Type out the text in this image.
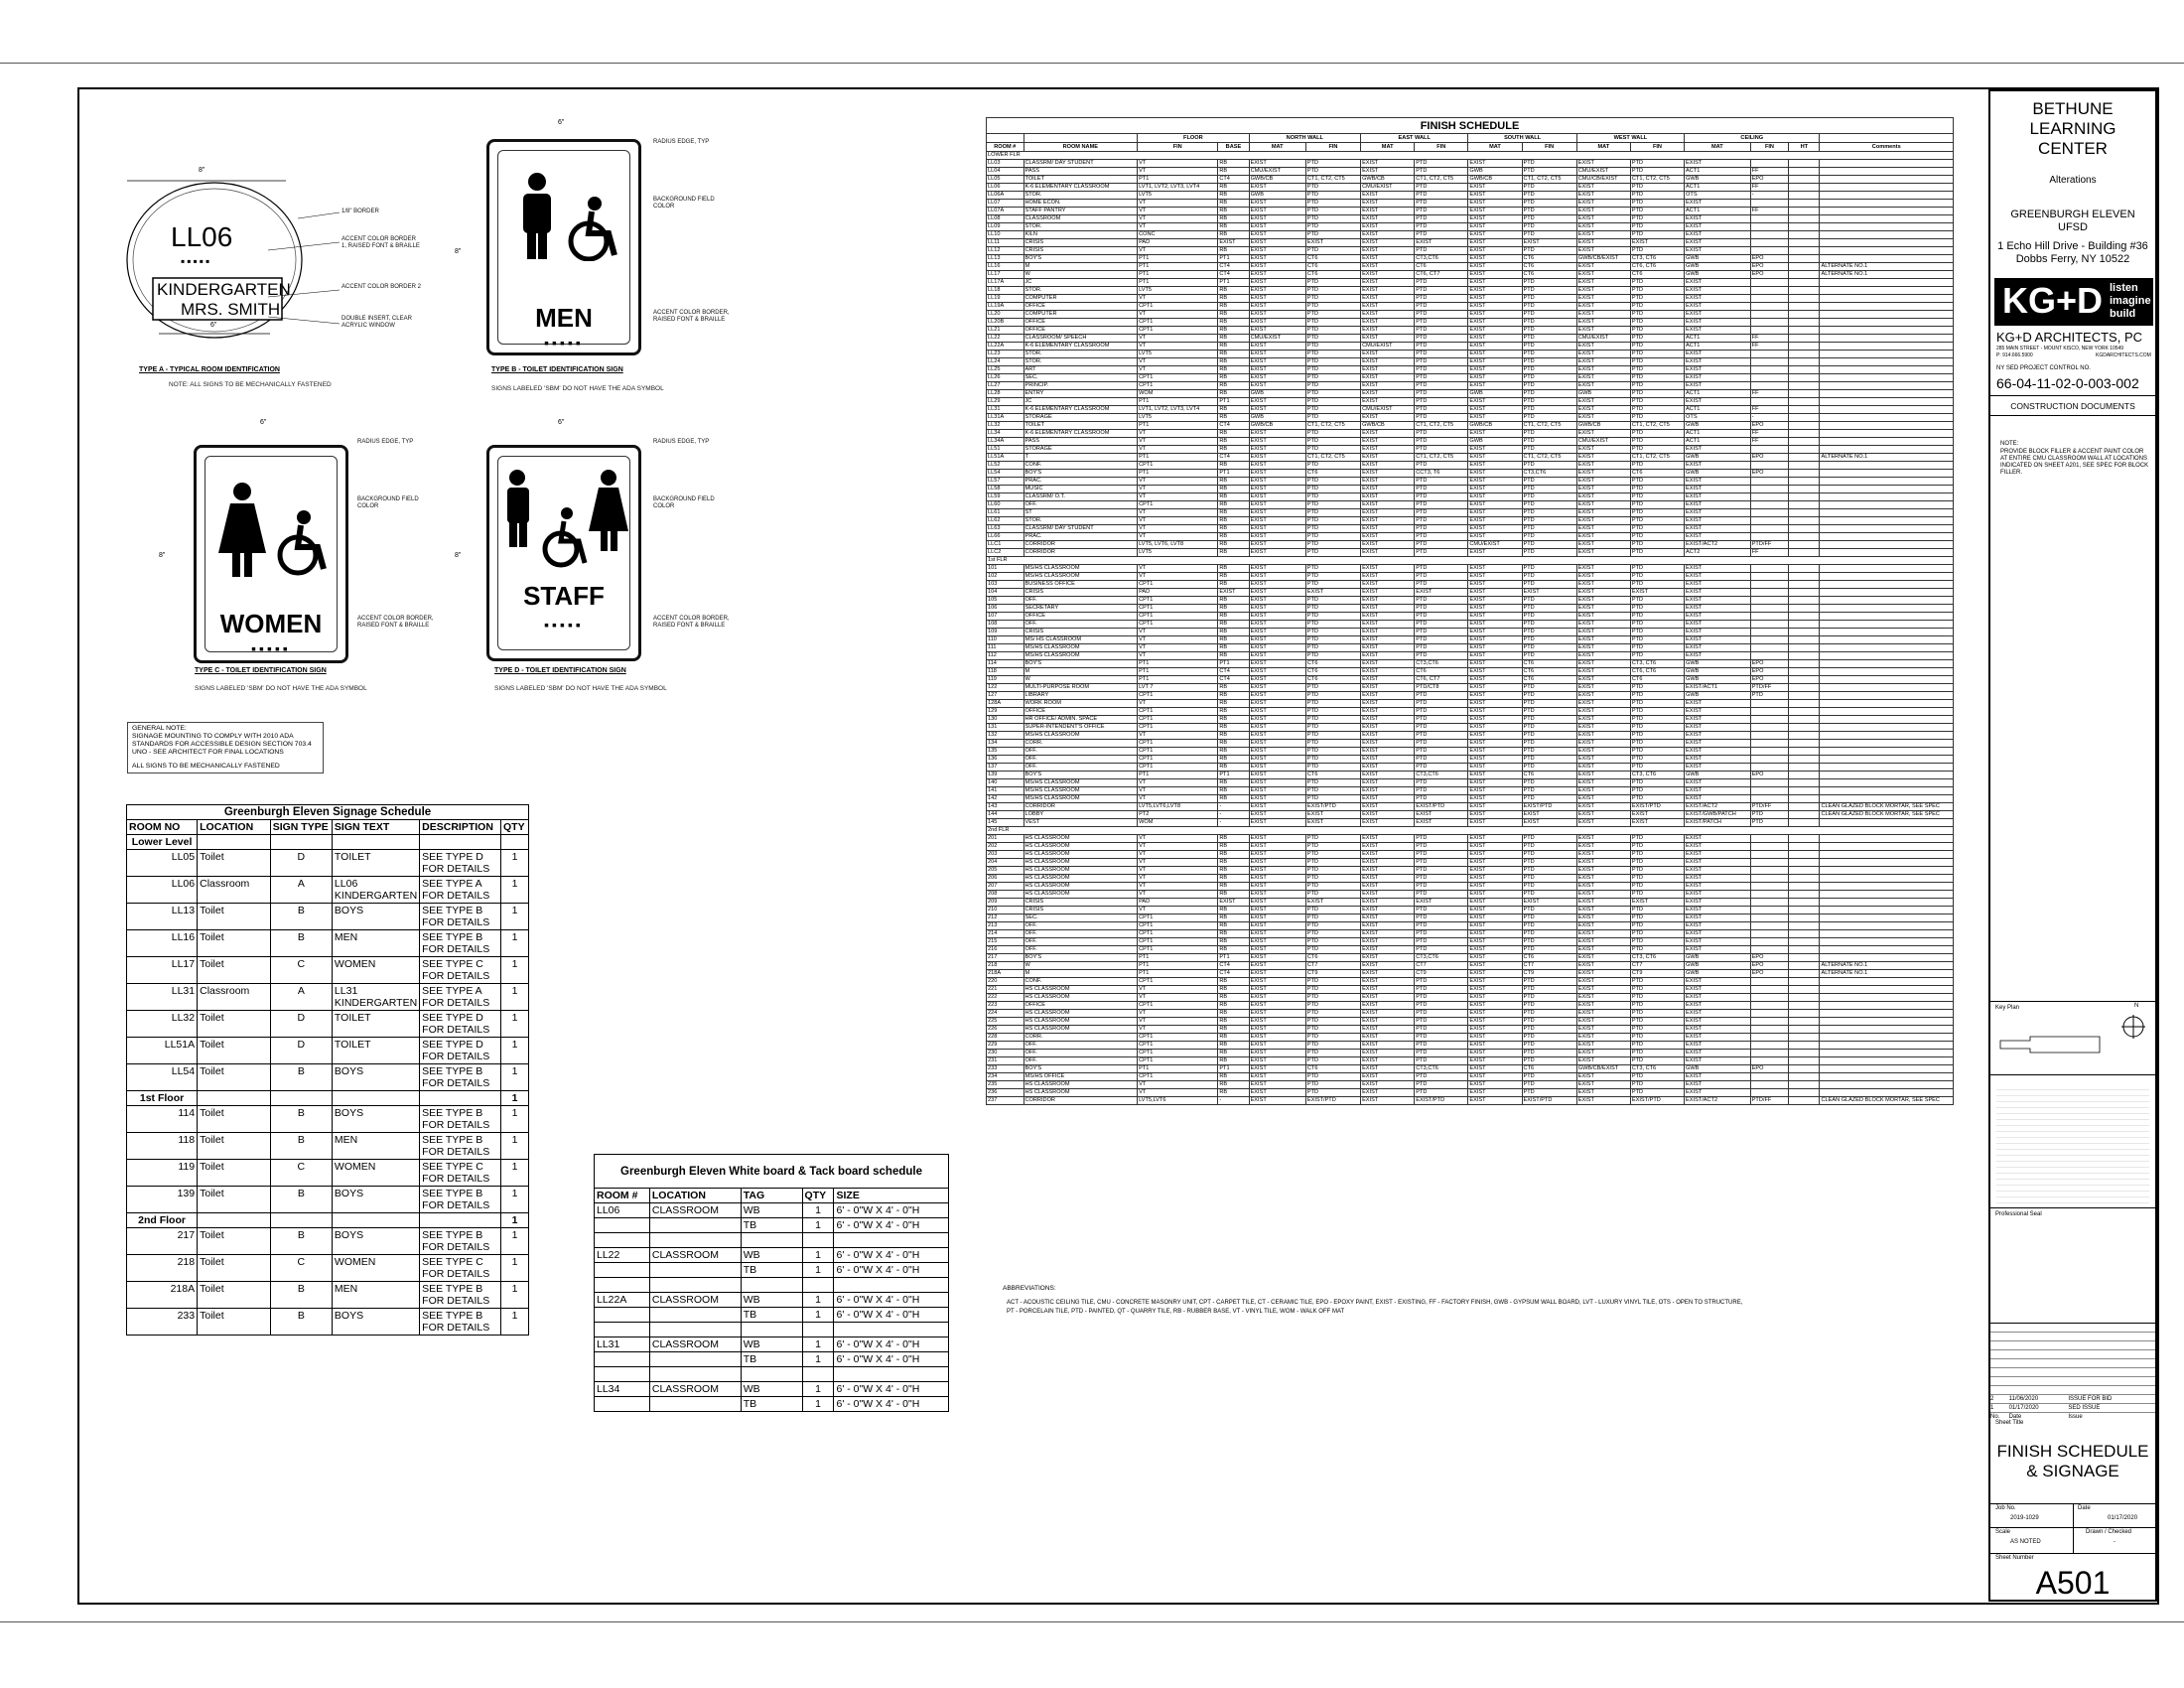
8"
LL06
▪▪▪▪▪
KINDERGARTEN
MRS. SMITH
6"
1/8" BORDER
ACCENT COLOR BORDER 1, RAISED FONT & BRAILLE
ACCENT COLOR BORDER 2
DOUBLE INSERT, CLEAR ACRYLIC WINDOW
TYPE A - TYPICAL ROOM IDENTIFICATION
NOTE: ALL SIGNS TO BE MECHANICALLY FASTENED
6"
8"
MEN
▪▪▪▪▪
RADIUS EDGE, TYP
BACKGROUND FIELD COLOR
ACCENT COLOR BORDER, RAISED FONT & BRAILLE
TYPE B - TOILET IDENTIFICATION SIGN
SIGNS LABELED 'SBM' DO NOT HAVE THE ADA SYMBOL
6"
8"
WOMEN
▪▪▪▪▪
RADIUS EDGE, TYP
BACKGROUND FIELD COLOR
ACCENT COLOR BORDER, RAISED FONT & BRAILLE
TYPE C - TOILET IDENTIFICATION SIGN
SIGNS LABELED 'SBM' DO NOT HAVE THE ADA SYMBOL
6"
8"
STAFF
▪▪▪▪▪
RADIUS EDGE, TYP
BACKGROUND FIELD COLOR
ACCENT COLOR BORDER, RAISED FONT & BRAILLE
TYPE D - TOILET IDENTIFICATION SIGN
SIGNS LABELED 'SBM' DO NOT HAVE THE ADA SYMBOL
GENERAL NOTE:
SIGNAGE MOUNTING TO COMPLY WITH 2010 ADA
STANDARDS FOR ACCESSIBLE DESIGN SECTION 703.4
UNO - SEE ARCHITECT FOR FINAL LOCATIONS
ALL SIGNS TO BE MECHANICALLY FASTENED
Greenburgh Eleven Signage Schedule					
ROOM NO	LOCATION	SIGN TYPE	SIGN TEXT	DESCRIPTION	QTY
Lower Level					
LL05	Toilet	D	TOILET	SEE TYPE D FOR DETAILS	1
LL06	Classroom	A	LL06 KINDERGARTEN	SEE TYPE A FOR DETAILS	1
LL13	Toilet	B	BOYS	SEE TYPE B FOR DETAILS	1
LL16	Toilet	B	MEN	SEE TYPE B FOR DETAILS	1
LL17	Toilet	C	WOMEN	SEE TYPE C FOR DETAILS	1
LL31	Classroom	A	LL31 KINDERGARTEN	SEE TYPE A FOR DETAILS	1
LL32	Toilet	D	TOILET	SEE TYPE D FOR DETAILS	1
LL51A	Toilet	D	TOILET	SEE TYPE D FOR DETAILS	1
LL54	Toilet	B	BOYS	SEE TYPE B FOR DETAILS	1
1st Floor					1
114	Toilet	B	BOYS	SEE TYPE B FOR DETAILS	1
118	Toilet	B	MEN	SEE TYPE B FOR DETAILS	1
119	Toilet	C	WOMEN	SEE TYPE C FOR DETAILS	1
139	Toilet	B	BOYS	SEE TYPE B FOR DETAILS	1
2nd Floor					1
217	Toilet	B	BOYS	SEE TYPE B FOR DETAILS	1
218	Toilet	C	WOMEN	SEE TYPE C FOR DETAILS	1
218A	Toilet	B	MEN	SEE TYPE B FOR DETAILS	1
233	Toilet	B	BOYS	SEE TYPE B FOR DETAILS	1
Greenburgh Eleven White board & Tack board schedule				
ROOM #	LOCATION	TAG	QTY	SIZE
LL06	CLASSROOM	WB	1	6' - 0"W X 4' - 0"H
		TB	1	6' - 0"W X 4' - 0"H

LL22	CLASSROOM	WB	1	6' - 0"W X 4' - 0"H
		TB	1	6' - 0"W X 4' - 0"H

LL22A	CLASSROOM	WB	1	6' - 0"W X 4' - 0"H
		TB	1	6' - 0"W X 4' - 0"H

LL31	CLASSROOM	WB	1	6' - 0"W X 4' - 0"H
		TB	1	6' - 0"W X 4' - 0"H

LL34	CLASSROOM	WB	1	6' - 0"W X 4' - 0"H
		TB	1	6' - 0"W X 4' - 0"H
FINISH SCHEDULE															
		FLOOR		NORTH WALL		EAST WALL		SOUTH WALL		WEST WALL		CEILING			
ROOM #	ROOM NAME	FIN	BASE	MAT	FIN	MAT	FIN	MAT	FIN	MAT	FIN	MAT	FIN	HT	Comments
LOWER FLR															
LL03	CLASSRM/ DAY STUDENT	VT	RB	EXIST	PTD	EXIST	PTD	EXIST	PTD	EXIST	PTD	EXIST			
LL04	PASS	VT	RB	CMU/EXIST	PTD	EXIST	PTD	GWB	PTD	CMU/EXIST	PTD	ACT1	FF		
LL05	TOILET	PT1	CT4	GWB/CB	CT1, CT2, CT5	GWB/CB	CT1, CT2, CT5	GWB/CB	CT1, CT2, CT5	CMU/CB/EXIST	CT1, CT2, CT5	GWB	EPO		
LL06	K-6 ELEMENTARY CLASSROOM	LVT1, LVT2, LVT3, LVT4	RB	EXIST	PTD	CMU/EXIST	PTD	EXIST	PTD	EXIST	PTD	ACT1	FF		
LL06A	STOR.	LVT5	RB	GWB	PTD	EXIST	PTD	EXIST	PTD	EXIST	PTD	OTS	-		
LL07	HOME ECON.	VT	RB	EXIST	PTD	EXIST	PTD	EXIST	PTD	EXIST	PTD	EXIST			
LL07A	STAFF PANTRY	VT	RB	EXIST	PTD	EXIST	PTD	EXIST	PTD	EXIST	PTD	ACT1	FF		
LL08	CLASSROOM	VT	RB	EXIST	PTD	EXIST	PTD	EXIST	PTD	EXIST	PTD	EXIST			
LL09	STOR.	VT	RB	EXIST	PTD	EXIST	PTD	EXIST	PTD	EXIST	PTD	EXIST			
LL10	KILN	CONC	RB	EXIST	PTD	EXIST	PTD	EXIST	PTD	EXIST	PTD	EXIST			
LL11	CRISIS	PAD	EXIST	EXIST	EXIST	EXIST	EXIST	EXIST	EXIST	EXIST	EXIST	EXIST			
LL12	CRISIS	VT	RB	EXIST	PTD	EXIST	PTD	EXIST	PTD	EXIST	PTD	EXIST			
LL13	BOY'S	PT1	PT1	EXIST	CT6	EXIST	CT3,CT6	EXIST	CT6	GWB/CB/EXIST	CT3, CT6	GWB	EPO		
LL16	M	PT1	CT4	EXIST	CT6	EXIST	CT6	EXIST	CT6	EXIST	CT6, CT6	GWB	EPO		ALTERNATE NO.1
LL17	W	PT1	CT4	EXIST	CT6	EXIST	CT6, CT7	EXIST	CT6	EXIST	CT6	GWB	EPO		ALTERNATE NO.1
LL17A	JC	PT1	PT1	EXIST	PTD	EXIST	PTD	EXIST	PTD	EXIST	PTD	EXIST			
LL18	STOR.	LVT5	RB	EXIST	PTD	EXIST	PTD	EXIST	PTD	EXIST	PTD	EXIST			
LL19	COMPUTER	VT	RB	EXIST	PTD	EXIST	PTD	EXIST	PTD	EXIST	PTD	EXIST			
LL19A	OFFICE	CPT1	RB	EXIST	PTD	EXIST	PTD	EXIST	PTD	EXIST	PTD	EXIST			
LL20	COMPUTER	VT	RB	EXIST	PTD	EXIST	PTD	EXIST	PTD	EXIST	PTD	EXIST			
LL20B	OFFICE	CPT1	RB	EXIST	PTD	EXIST	PTD	EXIST	PTD	EXIST	PTD	EXIST			
LL21	OFFICE	CPT1	RB	EXIST	PTD	EXIST	PTD	EXIST	PTD	EXIST	PTD	EXIST			
LL22	CLASSROOM/ SPEECH	VT	RB	CMU/EXIST	PTD	EXIST	PTD	EXIST	PTD	CMU/EXIST	PTD	ACT1	FF		
LL22A	K-6 ELEMENTARY CLASSROOM	VT	RB	EXIST	PTD	CMU/EXIST	PTD	EXIST	PTD	EXIST	PTD	ACT1	FF		
LL23	STOR.	LVT5	RB	EXIST	PTD	EXIST	PTD	EXIST	PTD	EXIST	PTD	EXIST			
LL24	STOR.	VT	RB	EXIST	PTD	EXIST	PTD	EXIST	PTD	EXIST	PTD	EXIST			
LL25	ART	VT	RB	EXIST	PTD	EXIST	PTD	EXIST	PTD	EXIST	PTD	EXIST			
LL26	SEC.	CPT1	RB	EXIST	PTD	EXIST	PTD	EXIST	PTD	EXIST	PTD	EXIST			
LL27	PRINCIP.	CPT1	RB	EXIST	PTD	EXIST	PTD	EXIST	PTD	EXIST	PTD	EXIST			
LL28	ENTRY	WOM	RB	GWB	PTD	EXIST	PTD	GWB	PTD	GWB	PTD	ACT1	FF		
LL29	JC	PT1	PT1	EXIST	PTD	EXIST	PTD	EXIST	PTD	EXIST	PTD	EXIST			
LL31	K-6 ELEMENTARY CLASSROOM	LVT1, LVT2, LVT3, LVT4	RB	EXIST	PTD	CMU/EXIST	PTD	EXIST	PTD	EXIST	PTD	ACT1	FF		
LL31A	STORAGE	LVT5	RB	GWB	PTD	EXIST	PTD	EXIST	PTD	EXIST	PTD	OTS	-		
LL32	TOILET	PT1	CT4	GWB/CB	CT1, CT2, CT5	GWB/CB	CT1, CT2, CT5	GWB/CB	CT1, CT2, CT5	GWB/CB	CT1, CT2, CT5	GWB	EPO		
LL34	K-6 ELEMENTARY CLASSROOM	VT	RB	EXIST	PTD	EXIST	PTD	EXIST	PTD	EXIST	PTD	ACT1	FF		
LL34A	PASS	VT	RB	EXIST	PTD	EXIST	PTD	GWB	PTD	CMU/EXIST	PTD	ACT1	FF		
LL51	STORAGE	VT	RB	EXIST	PTD	EXIST	PTD	EXIST	PTD	EXIST	PTD	EXIST			
LL51A	T	PT1	CT4	EXIST	CT1, CT2, CT5	EXIST	CT1, CT2, CT5	EXIST	CT1, CT2, CT5	EXIST	CT1, CT2, CT5	GWB	EPO		ALTERNATE NO.1
LL52	CONF.	CPT1	RB	EXIST	PTD	EXIST	PTD	EXIST	PTD	EXIST	PTD	EXIST			
LL54	BOY'S	PT1	PT1	EXIST	CT6	EXIST	CCT3, T6	EXIST	CT3,CT6	EXIST	CT6	GWB	EPO		
LL57	PRAC.	VT	RB	EXIST	PTD	EXIST	PTD	EXIST	PTD	EXIST	PTD	EXIST			
LL58	MUSIC	VT	RB	EXIST	PTD	EXIST	PTD	EXIST	PTD	EXIST	PTD	EXIST			
LL59	CLASSRM/ O.T.	VT	RB	EXIST	PTD	EXIST	PTD	EXIST	PTD	EXIST	PTD	EXIST			
LL60	OFF.	CPT1	RB	EXIST	PTD	EXIST	PTD	EXIST	PTD	EXIST	PTD	EXIST			
LL61	ST	VT	RB	EXIST	PTD	EXIST	PTD	EXIST	PTD	EXIST	PTD	EXIST			
LL62	STOR.	VT	RB	EXIST	PTD	EXIST	PTD	EXIST	PTD	EXIST	PTD	EXIST			
LL63	CLASSRM/ DAY STUDENT	VT	RB	EXIST	PTD	EXIST	PTD	EXIST	PTD	EXIST	PTD	EXIST			
LL66	PRAC.	VT	RB	EXIST	PTD	EXIST	PTD	EXIST	PTD	EXIST	PTD	EXIST			
LLC1	CORRIDOR	LVT5, LVT6, LVT8	RB	EXIST	PTD	EXIST	PTD	CMU/EXIST	PTD	EXIST	PTD	EXIST/ACT2	PTD/FF		
LLC2	CORRIDOR	LVT5	RB	EXIST	PTD	EXIST	PTD	EXIST	PTD	EXIST	PTD	ACT2	FF		
1st FLR															
101	MS/HS CLASSROOM	VT	RB	EXIST	PTD	EXIST	PTD	EXIST	PTD	EXIST	PTD	EXIST			
102	MS/HS CLASSROOM	VT	RB	EXIST	PTD	EXIST	PTD	EXIST	PTD	EXIST	PTD	EXIST			
103	BUSINESS OFFICE	CPT1	RB	EXIST	PTD	EXIST	PTD	EXIST	PTD	EXIST	PTD	EXIST			
104	CRISIS	PAD	EXIST	EXIST	EXIST	EXIST	EXIST	EXIST	EXIST	EXIST	EXIST	EXIST			
105	OFF.	CPT1	RB	EXIST	PTD	EXIST	PTD	EXIST	PTD	EXIST	PTD	EXIST			
106	SECRETARY	CPT1	RB	EXIST	PTD	EXIST	PTD	EXIST	PTD	EXIST	PTD	EXIST			
107	OFFICE	CPT1	RB	EXIST	PTD	EXIST	PTD	EXIST	PTD	EXIST	PTD	EXIST			
108	OFF.	CPT1	RB	EXIST	PTD	EXIST	PTD	EXIST	PTD	EXIST	PTD	EXIST			
109	CRISIS	VT	RB	EXIST	PTD	EXIST	PTD	EXIST	PTD	EXIST	PTD	EXIST			
110	MS/ HS CLASSROOM	VT	RB	EXIST	PTD	EXIST	PTD	EXIST	PTD	EXIST	PTD	EXIST			
111	MS/HS CLASSROOM	VT	RB	EXIST	PTD	EXIST	PTD	EXIST	PTD	EXIST	PTD	EXIST			
112	MS/HS CLASSROOM	VT	RB	EXIST	PTD	EXIST	PTD	EXIST	PTD	EXIST	PTD	EXIST			
114	BOY'S	PT1	PT1	EXIST	CT6	EXIST	CT3,CT6	EXIST	CT6	EXIST	CT3, CT6	GWB	EPO		
118	M	PT1	CT4	EXIST	CT6	EXIST	CT6	EXIST	CT6	EXIST	CT6, CT6	GWB	EPO		
119	W	PT1	CT4	EXIST	CT6	EXIST	CT6, CT7	EXIST	CT6	EXIST	CT6	GWB	EPO		
122	MULTI-PURPOSE ROOM	LVT 7	RB	EXIST	PTD	EXIST	PTD/CT8	EXIST	PTD	EXIST	PTD	EXIST/ACT1	PTD/FF		
127	LIBRARY	CPT1	RB	EXIST	PTD	EXIST	PTD	EXIST	PTD	EXIST	PTD	GWB	PTD		
128A	WORK ROOM	VT	RB	EXIST	PTD	EXIST	PTD	EXIST	PTD	EXIST	PTD	EXIST			
129	OFFICE	CPT1	RB	EXIST	PTD	EXIST	PTD	EXIST	PTD	EXIST	PTD	EXIST			
130	HR OFFICE/ ADMIN. SPACE	CPT1	RB	EXIST	PTD	EXIST	PTD	EXIST	PTD	EXIST	PTD	EXIST			
131	SUPER-INTENDENT'S OFFICE	CPT1	RB	EXIST	PTD	EXIST	PTD	EXIST	PTD	EXIST	PTD	EXIST			
132	MS/HS CLASSROOM	VT	RB	EXIST	PTD	EXIST	PTD	EXIST	PTD	EXIST	PTD	EXIST			
134	CORR.	CPT1	RB	EXIST	PTD	EXIST	PTD	EXIST	PTD	EXIST	PTD	EXIST			
135	OFF.	CPT1	RB	EXIST	PTD	EXIST	PTD	EXIST	PTD	EXIST	PTD	EXIST			
136	OFF.	CPT1	RB	EXIST	PTD	EXIST	PTD	EXIST	PTD	EXIST	PTD	EXIST			
137	OFF.	CPT1	RB	EXIST	PTD	EXIST	PTD	EXIST	PTD	EXIST	PTD	EXIST			
139	BOY'S	PT1	PT1	EXIST	CT6	EXIST	CT3,CT6	EXIST	CT6	EXIST	CT3, CT6	GWB	EPO		
140	MS/HS CLASSROOM	VT	RB	EXIST	PTD	EXIST	PTD	EXIST	PTD	EXIST	PTD	EXIST			
141	MS/HS CLASSROOM	VT	RB	EXIST	PTD	EXIST	PTD	EXIST	PTD	EXIST	PTD	EXIST			
142	MS/HS CLASSROOM	VT	RB	EXIST	PTD	EXIST	PTD	EXIST	PTD	EXIST	PTD	EXIST			
143	CORRIDOR	LVT5,LVT6,LVT8	-	EXIST	EXIST/PTD	EXIST	EXIST/PTD	EXIST	EXIST/PTD	EXIST	EXIST/PTD	EXIST/ACT2	PTD/FF		CLEAN GLAZED BLOCK MORTAR, SEE SPEC
144	LOBBY	PT2	-	EXIST	EXIST	EXIST	EXIST	EXIST	EXIST	EXIST	EXIST	EXIST/GWB/PATCH	PTD		CLEAN GLAZED BLOCK MORTAR, SEE SPEC
145	VEST	WOM	-	EXIST	EXIST	EXIST	EXIST	EXIST	EXIST	EXIST	EXIST	EXIST/PATCH	PTD		
2nd FLR															
201	HS CLASSROOM	VT	RB	EXIST	PTD	EXIST	PTD	EXIST	PTD	EXIST	PTD	EXIST			
202	HS CLASSROOM	VT	RB	EXIST	PTD	EXIST	PTD	EXIST	PTD	EXIST	PTD	EXIST			
203	HS CLASSROOM	VT	RB	EXIST	PTD	EXIST	PTD	EXIST	PTD	EXIST	PTD	EXIST			
204	HS CLASSROOM	VT	RB	EXIST	PTD	EXIST	PTD	EXIST	PTD	EXIST	PTD	EXIST			
205	HS CLASSROOM	VT	RB	EXIST	PTD	EXIST	PTD	EXIST	PTD	EXIST	PTD	EXIST			
206	HS CLASSROOM	VT	RB	EXIST	PTD	EXIST	PTD	EXIST	PTD	EXIST	PTD	EXIST			
207	HS CLASSROOM	VT	RB	EXIST	PTD	EXIST	PTD	EXIST	PTD	EXIST	PTD	EXIST			
208	HS CLASSROOM	VT	RB	EXIST	PTD	EXIST	PTD	EXIST	PTD	EXIST	PTD	EXIST			
209	CRISIS	PAD	EXIST	EXIST	EXIST	EXIST	EXIST	EXIST	EXIST	EXIST	EXIST	EXIST			
210	CRISIS	VT	RB	EXIST	PTD	EXIST	PTD	EXIST	PTD	EXIST	PTD	EXIST			
212	SEC.	CPT1	RB	EXIST	PTD	EXIST	PTD	EXIST	PTD	EXIST	PTD	EXIST			
213	OFF.	CPT1	RB	EXIST	PTD	EXIST	PTD	EXIST	PTD	EXIST	PTD	EXIST			
214	OFF.	CPT1	RB	EXIST	PTD	EXIST	PTD	EXIST	PTD	EXIST	PTD	EXIST			
215	OFF.	CPT1	RB	EXIST	PTD	EXIST	PTD	EXIST	PTD	EXIST	PTD	EXIST			
216	OFF.	CPT1	RB	EXIST	PTD	EXIST	PTD	EXIST	PTD	EXIST	PTD	EXIST			
217	BOY'S	PT1	PT1	EXIST	CT6	EXIST	CT3,CT6	EXIST	CT6	EXIST	CT3, CT6	GWB	EPO		
218	W	PT1	CT4	EXIST	CT7	EXIST	CT7	EXIST	CT7	EXIST	CT7	GWB	EPO		ALTERNATE NO.1
218A	M	PT1	CT4	EXIST	CT9	EXIST	CT9	EXIST	CT9	EXIST	CT9	GWB	EPO		ALTERNATE NO.1
220	CONF.	CPT1	RB	EXIST	PTD	EXIST	PTD	EXIST	PTD	EXIST	PTD	EXIST			
221	HS CLASSROOM	VT	RB	EXIST	PTD	EXIST	PTD	EXIST	PTD	EXIST	PTD	EXIST			
222	HS CLASSROOM	VT	RB	EXIST	PTD	EXIST	PTD	EXIST	PTD	EXIST	PTD	EXIST			
223	OFFICE	CPT1	RB	EXIST	PTD	EXIST	PTD	EXIST	PTD	EXIST	PTD	EXIST			
224	HS CLASSROOM	VT	RB	EXIST	PTD	EXIST	PTD	EXIST	PTD	EXIST	PTD	EXIST			
225	HS CLASSROOM	VT	RB	EXIST	PTD	EXIST	PTD	EXIST	PTD	EXIST	PTD	EXIST			
226	HS CLASSROOM	VT	RB	EXIST	PTD	EXIST	PTD	EXIST	PTD	EXIST	PTD	EXIST			
228	CORR.	CPT1	RB	EXIST	PTD	EXIST	PTD	EXIST	PTD	EXIST	PTD	EXIST			
229	OFF.	CPT1	RB	EXIST	PTD	EXIST	PTD	EXIST	PTD	EXIST	PTD	EXIST			
230	OFF.	CPT1	RB	EXIST	PTD	EXIST	PTD	EXIST	PTD	EXIST	PTD	EXIST			
231	OFF.	CPT1	RB	EXIST	PTD	EXIST	PTD	EXIST	PTD	EXIST	PTD	EXIST			
233	BOY'S	PT1	PT1	EXIST	CT6	EXIST	CT3,CT6	EXIST	CT6	GWB/CB/EXIST	CT3, CT6	GWB	EPO		
234	MS/HS OFFICE	CPT1	RB	EXIST	PTD	EXIST	PTD	EXIST	PTD	EXIST	PTD	EXIST			
235	HS CLASSROOM	VT	RB	EXIST	PTD	EXIST	PTD	EXIST	PTD	EXIST	PTD	EXIST			
236	HS CLASSROOM	VT	RB	EXIST	PTD	EXIST	PTD	EXIST	PTD	EXIST	PTD	EXIST			
237	CORRIDOR	LVT5,LVT6	-	EXIST	EXIST/PTD	EXIST	EXIST/PTD	EXIST	EXIST/PTD	EXIST	EXIST/PTD	EXIST/ACT2	PTD/FF		CLEAN GLAZED BLOCK MORTAR, SEE SPEC
ABBREVIATIONS:
ACT - ACOUSTIC CEILING TILE, CMU - CONCRETE MASONRY UNIT, CPT - CARPET TILE, CT - CERAMIC TILE, EPO - EPOXY PAINT, EXIST - EXISTING, FF - FACTORY FINISH, GWB - GYPSUM WALL BOARD, LVT - LUXURY VINYL TILE, OTS - OPEN TO STRUCTURE,
PT - PORCELAIN TILE, PTD - PAINTED, QT - QUARRY TILE, RB - RUBBER BASE, VT - VINYL TILE, WOM - WALK OFF MAT
BETHUNE
LEARNING
CENTER
Alterations
GREENBURGH ELEVEN
UFSD
1 Echo Hill Drive - Building #36
Dobbs Ferry, NY 10522
KG+D listen
imagine
build
KG+D ARCHITECTS, PC
285 MAIN STREET - MOUNT KISCO, NEW YORK 10549
P: 914.666.5900	KGDARCHITECTS.COM
NY SED PROJECT CONTROL NO.
66-04-11-02-0-003-002
CONSTRUCTION DOCUMENTS
NOTE:
PROVIDE BLOCK FILLER & ACCENT PAINT COLOR AT ENTIRE CMU CLASSROOM WALL AT LOCATIONS INDICATED ON SHEET A201, SEE SPEC FOR BLOCK FILLER.
Key Plan	N
Professional Seal

2	11/06/2020	ISSUE FOR BID
1	01/17/2020	SED ISSUE
No.	Date	Issue
Sheet Title
FINISH SCHEDULE
& SIGNAGE
Job No.
2019-1029
Date
01/17/2020
Scale
AS NOTED
Drawn / Checked
-
Sheet Number
A501
